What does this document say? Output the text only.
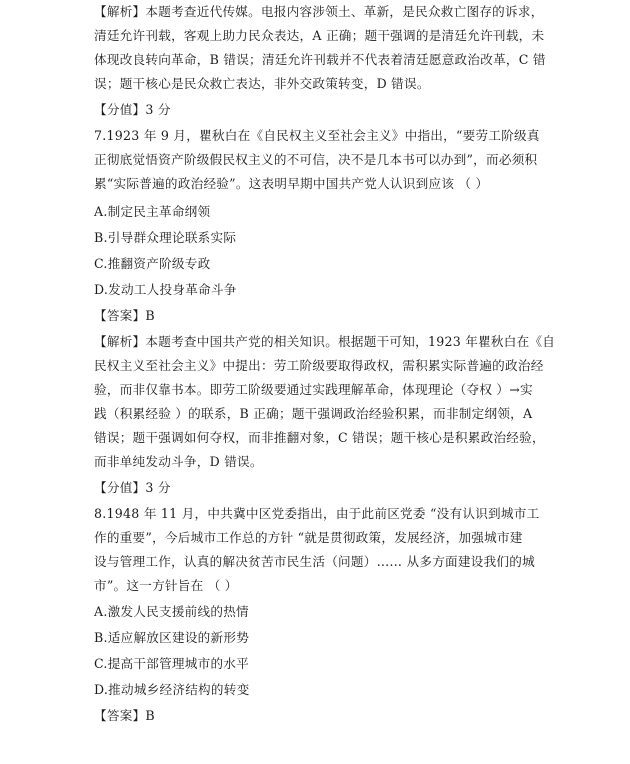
【解析】本题考查近代传媒。电报内容涉领土、革新，是民众救亡图存的诉求，
清廷允许刊载，客观上助力民众表达，A 正确；题干强调的是清廷允许刊载，未
体现改良转向革命，B 错误；清廷允许刊载并不代表着清廷愿意政治改革，C 错
误；题干核心是民众救亡表达，非外交政策转变，D 错误。
【分值】3 分
7.1923 年 9 月，瞿秋白在《自民权主义至社会主义》中指出，“要劳工阶级真
正彻底觉悟资产阶级假民权主义的不可信，决不是几本书可以办到”，而必须积
累“实际普遍的政治经验”。这表明早期中国共产党人认识到应该 （ ）
A.制定民主革命纲领
B.引导群众理论联系实际
C.推翻资产阶级专政
D.发动工人投身革命斗争
【答案】B
【解析】本题考查中国共产党的相关知识。根据题干可知，1923 年瞿秋白在《自
民权主义至社会主义》中提出：劳工阶级要取得政权，需积累实际普遍的政治经
验，而非仅靠书本。即劳工阶级要通过实践理解革命，体现理论（夺权 ）→实
践（积累经验 ）的联系，B 正确；题干强调政治经验积累，而非制定纲领，A
错误；题干强调如何夺权，而非推翻对象，C 错误；题干核心是积累政治经验，
而非单纯发动斗争，D 错误。
【分值】3 分
8.1948 年 11 月，中共冀中区党委指出，由于此前区党委 “没有认识到城市工
作的重要”，今后城市工作总的方针 “就是贯彻政策，发展经济，加强城市建
设与管理工作，认真的解决贫苦市民生活（问题）…… 从多方面建设我们的城
市”。这一方针旨在 （ ）
A.激发人民支援前线的热情
B.适应解放区建设的新形势
C.提高干部管理城市的水平
D.推动城乡经济结构的转变
【答案】B
